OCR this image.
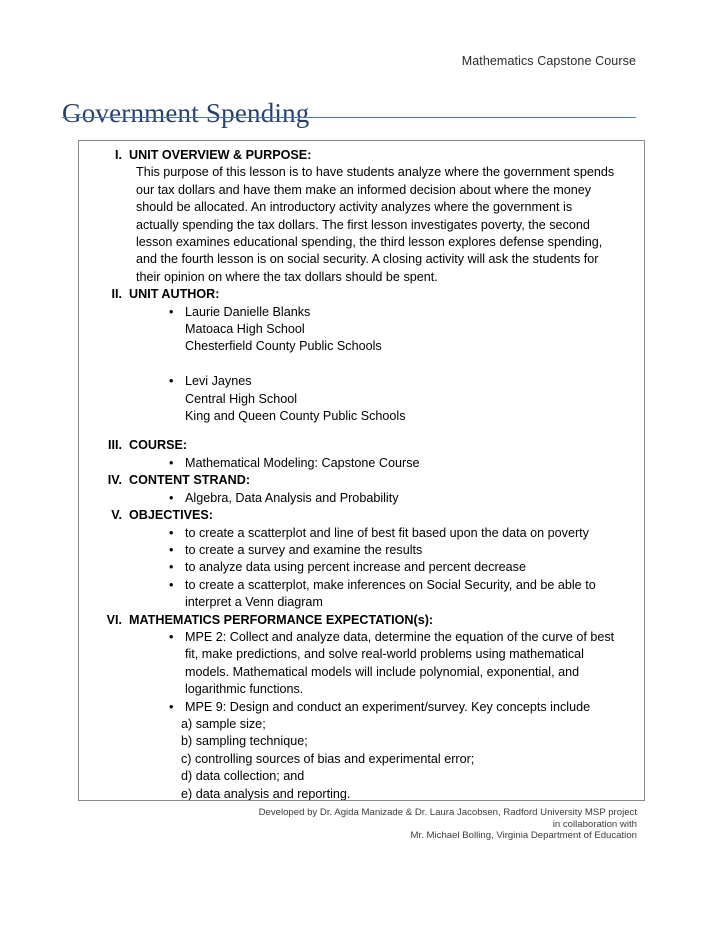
Mathematics Capstone Course
Government Spending
I. UNIT OVERVIEW & PURPOSE:
This purpose of this lesson is to have students analyze where the government spends our tax dollars and have them make an informed decision about where the money should be allocated. An introductory activity analyzes where the government is actually spending the tax dollars. The first lesson investigates poverty, the second lesson examines educational spending, the third lesson explores defense spending, and the fourth lesson is on social security. A closing activity will ask the students for their opinion on where the tax dollars should be spent.
II. UNIT AUTHOR:
• Laurie Danielle Blanks
Matoaca High School
Chesterfield County Public Schools
• Levi Jaynes
Central High School
King and Queen County Public Schools
III. COURSE:
• Mathematical Modeling: Capstone Course
IV. CONTENT STRAND:
• Algebra, Data Analysis and Probability
V. OBJECTIVES:
• to create a scatterplot and line of best fit based upon the data on poverty
• to create a survey and examine the results
• to analyze data using percent increase and percent decrease
• to create a scatterplot, make inferences on Social Security, and be able to interpret a Venn diagram
VI. MATHEMATICS PERFORMANCE EXPECTATION(s):
• MPE 2: Collect and analyze data, determine the equation of the curve of best fit, make predictions, and solve real-world problems using mathematical models. Mathematical models will include polynomial, exponential, and logarithmic functions.
• MPE 9: Design and conduct an experiment/survey. Key concepts include
a) sample size;
b) sampling technique;
c) controlling sources of bias and experimental error;
d) data collection; and
e) data analysis and reporting.
Developed by Dr. Agida Manizade & Dr. Laura Jacobsen, Radford University MSP project
in collaboration with
Mr. Michael Bolling, Virginia Department of Education
